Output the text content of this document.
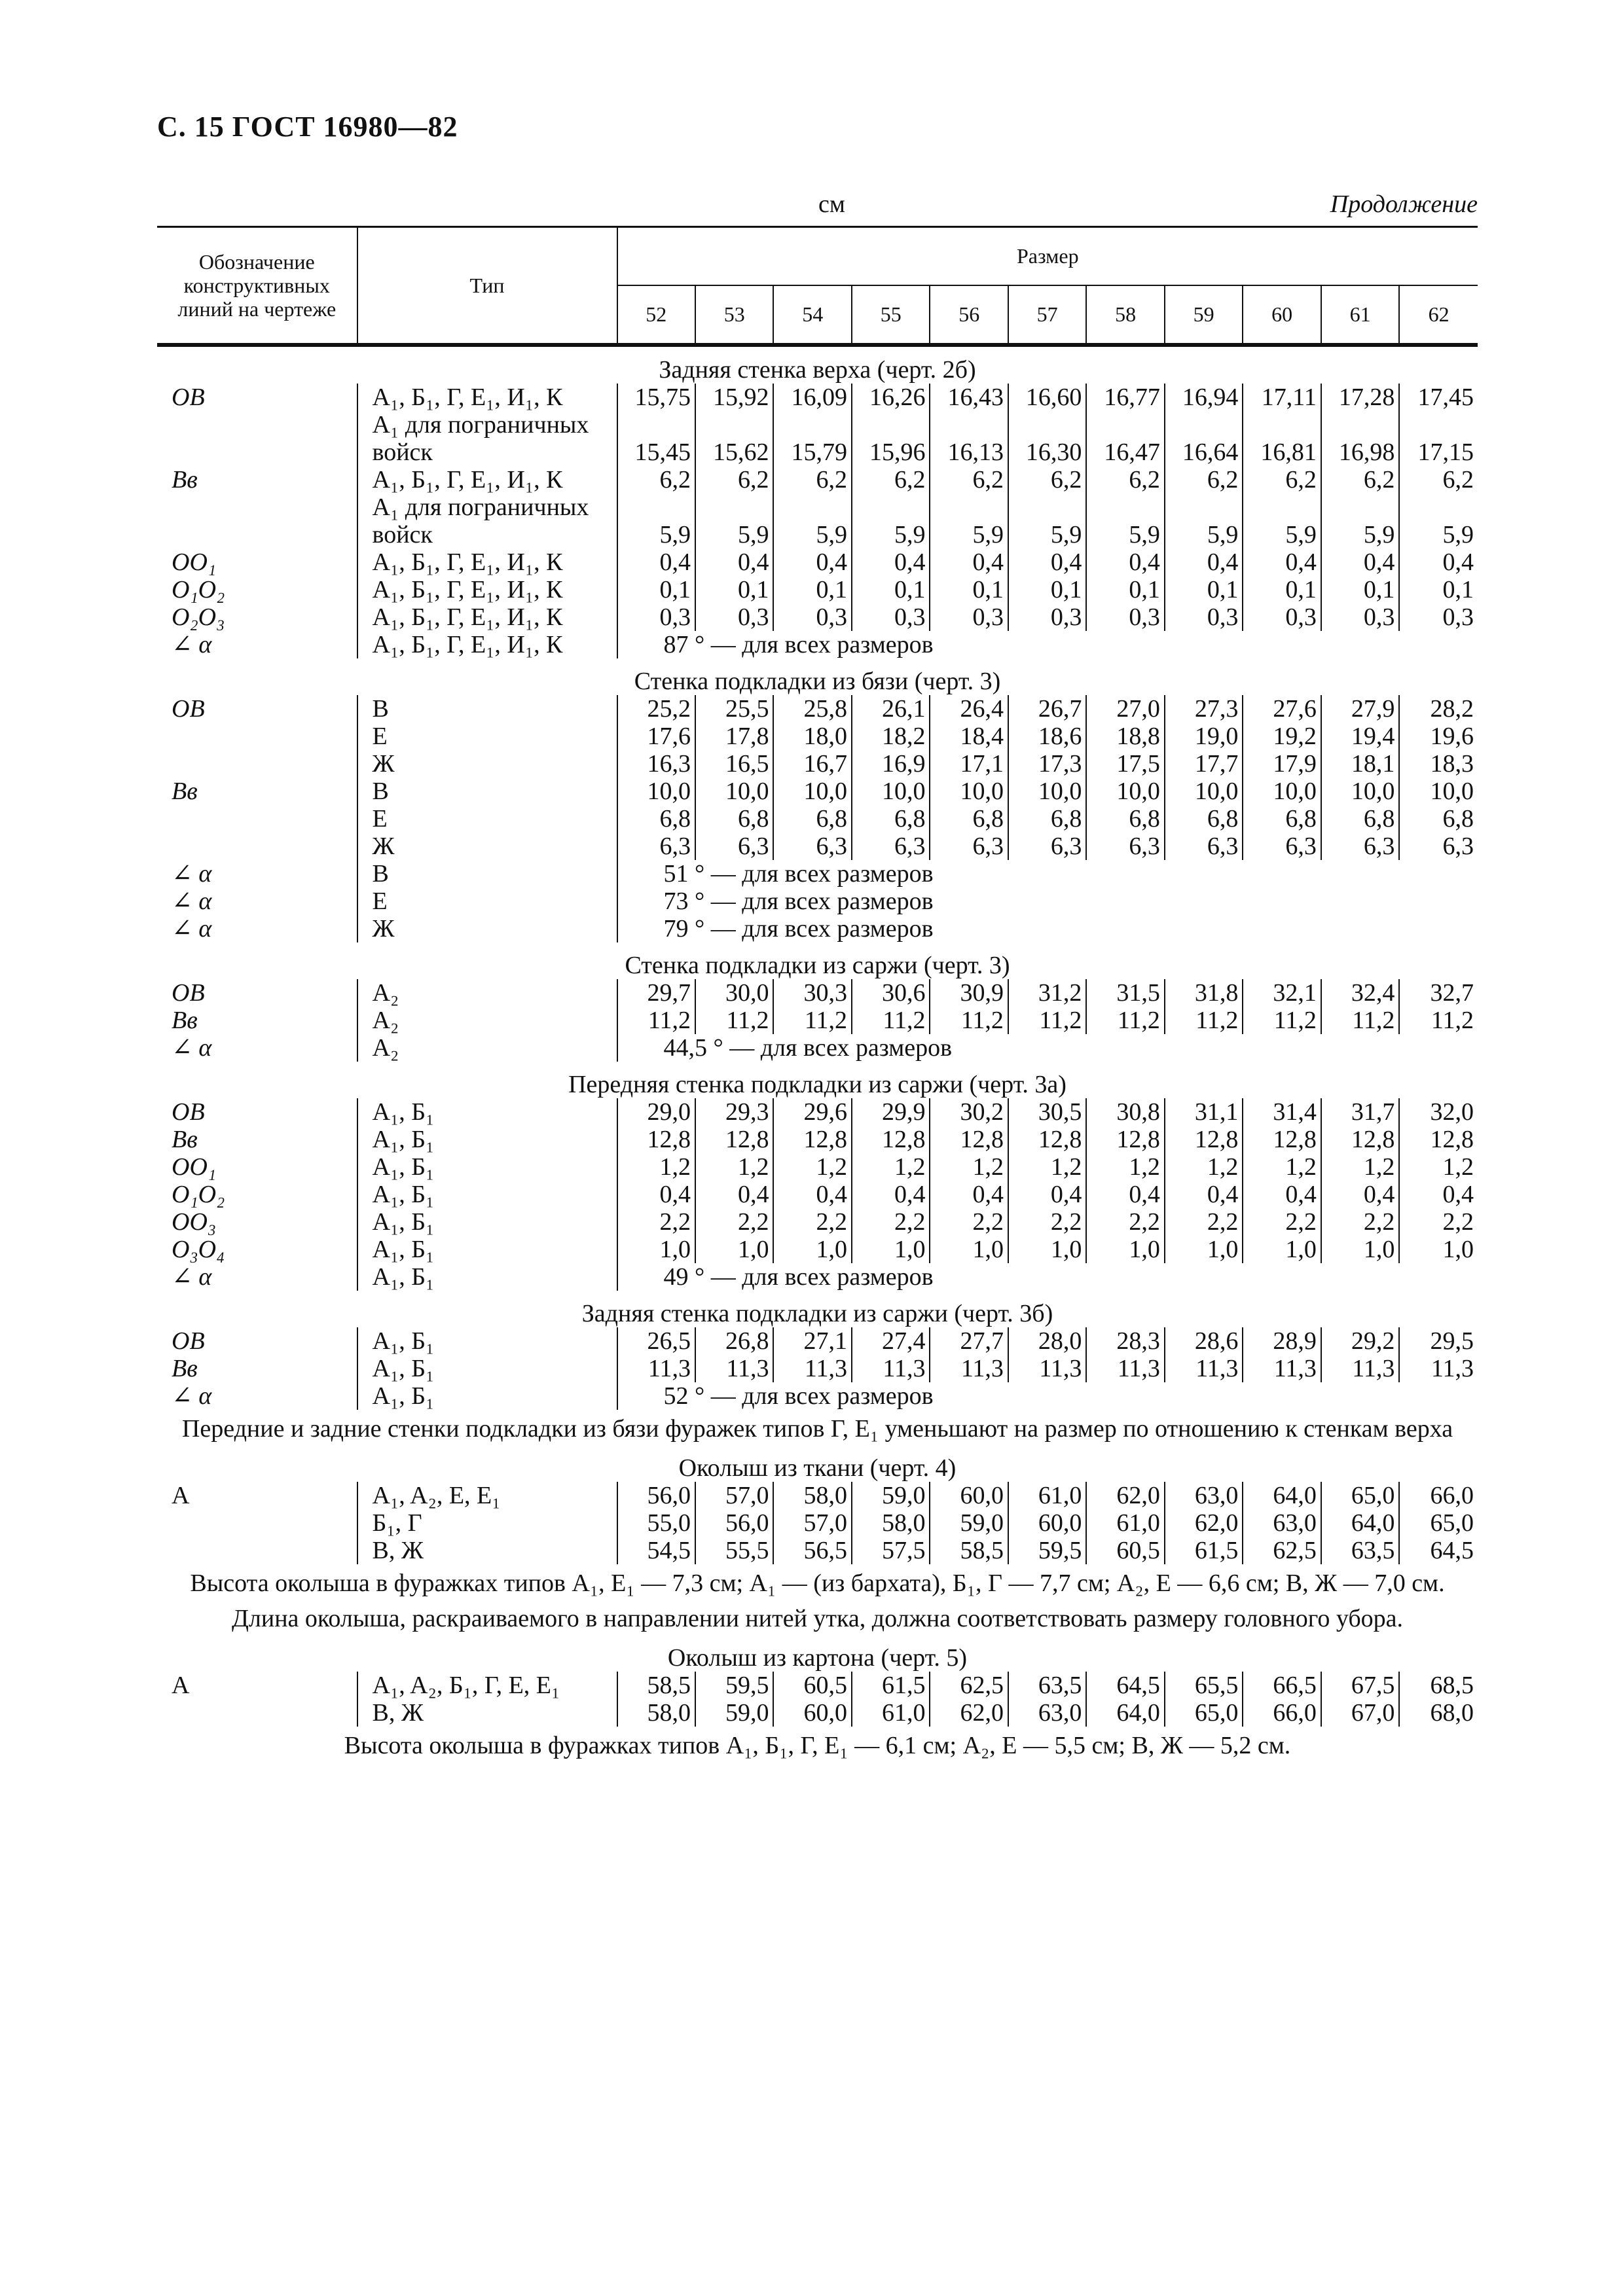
С. 15 ГОСТ 16980—82
см	Продолжение
Обозначение конструктивных линий на чертеже	Тип	Размер										
		52	53	54	55	56	57	58	59	60	61	62
Задняя стенка верха (черт. 2б)												
ОВ	A₁, Б₁, Г, Е₁, И₁, К	15,75	15,92	16,09	16,26	16,43	16,60	16,77	16,94	17,11	17,28	17,45
	A₁ для пограничных											
	войск	15,45	15,62	15,79	15,96	16,13	16,30	16,47	16,64	16,81	16,98	17,15
Вв	A₁, Б₁, Г, Е₁, И₁, К	6,2	6,2	6,2	6,2	6,2	6,2	6,2	6,2	6,2	6,2	6,2
	A₁ для пограничных											
	войск	5,9	5,9	5,9	5,9	5,9	5,9	5,9	5,9	5,9	5,9	5,9
ОО₁	A₁, Б₁, Г, Е₁, И₁, К	0,4	0,4	0,4	0,4	0,4	0,4	0,4	0,4	0,4	0,4	0,4
О₁О₂	A₁, Б₁, Г, Е₁, И₁, К	0,1	0,1	0,1	0,1	0,1	0,1	0,1	0,1	0,1	0,1	0,1
О₂О₃	A₁, Б₁, Г, Е₁, И₁, К	0,3	0,3	0,3	0,3	0,3	0,3	0,3	0,3	0,3	0,3	0,3
∠ α	A₁, Б₁, Г, Е₁, И₁, К	87 ° — для всех размеров										
Стенка подкладки из бязи (черт. 3)												
ОВ	В	25,2	25,5	25,8	26,1	26,4	26,7	27,0	27,3	27,6	27,9	28,2
	Е	17,6	17,8	18,0	18,2	18,4	18,6	18,8	19,0	19,2	19,4	19,6
	Ж	16,3	16,5	16,7	16,9	17,1	17,3	17,5	17,7	17,9	18,1	18,3
Вв	В	10,0	10,0	10,0	10,0	10,0	10,0	10,0	10,0	10,0	10,0	10,0
	Е	6,8	6,8	6,8	6,8	6,8	6,8	6,8	6,8	6,8	6,8	6,8
	Ж	6,3	6,3	6,3	6,3	6,3	6,3	6,3	6,3	6,3	6,3	6,3
∠ α	В	51 ° — для всех размеров										
∠ α	Е	73 ° — для всех размеров										
∠ α	Ж	79 ° — для всех размеров										
Стенка подкладки из саржи (черт. 3)												
ОВ	A₂	29,7	30,0	30,3	30,6	30,9	31,2	31,5	31,8	32,1	32,4	32,7
Вв	A₂	11,2	11,2	11,2	11,2	11,2	11,2	11,2	11,2	11,2	11,2	11,2
∠ α	A₂	44,5 ° — для всех размеров										
Передняя стенка подкладки из саржи (черт. 3а)												
ОВ	A₁, Б₁	29,0	29,3	29,6	29,9	30,2	30,5	30,8	31,1	31,4	31,7	32,0
Вв	A₁, Б₁	12,8	12,8	12,8	12,8	12,8	12,8	12,8	12,8	12,8	12,8	12,8
ОО₁	A₁, Б₁	1,2	1,2	1,2	1,2	1,2	1,2	1,2	1,2	1,2	1,2	1,2
О₁О₂	A₁, Б₁	0,4	0,4	0,4	0,4	0,4	0,4	0,4	0,4	0,4	0,4	0,4
ОО₃	A₁, Б₁	2,2	2,2	2,2	2,2	2,2	2,2	2,2	2,2	2,2	2,2	2,2
О₃О₄	A₁, Б₁	1,0	1,0	1,0	1,0	1,0	1,0	1,0	1,0	1,0	1,0	1,0
∠ α	A₁, Б₁	49 ° — для всех размеров										
Задняя стенка подкладки из саржи (черт. 3б)												
ОВ	A₁, Б₁	26,5	26,8	27,1	27,4	27,7	28,0	28,3	28,6	28,9	29,2	29,5
Вв	A₁, Б₁	11,3	11,3	11,3	11,3	11,3	11,3	11,3	11,3	11,3	11,3	11,3
∠ α	A₁, Б₁	52 ° — для всех размеров										
Передние и задние стенки подкладки из бязи фуражек типов Г, Е₁ уменьшают на размер по отношению к стенкам верха												
Околыш из ткани (черт. 4)												
А	A₁, A₂, Е, Е₁	56,0	57,0	58,0	59,0	60,0	61,0	62,0	63,0	64,0	65,0	66,0
	Б₁, Г	55,0	56,0	57,0	58,0	59,0	60,0	61,0	62,0	63,0	64,0	65,0
	В, Ж	54,5	55,5	56,5	57,5	58,5	59,5	60,5	61,5	62,5	63,5	64,5
Высота околыша в фуражках типов A₁, Е₁ — 7,3 см; A₁ — (из бархата), Б₁, Г — 7,7 см; A₂, Е — 6,6 см; В, Ж — 7,0 см.												
Длина околыша, раскраиваемого в направлении нитей утка, должна соответствовать размеру головного убора.												
Околыш из картона (черт. 5)												
А	A₁, A₂, Б₁, Г, Е, Е₁	58,5	59,5	60,5	61,5	62,5	63,5	64,5	65,5	66,5	67,5	68,5
	В, Ж	58,0	59,0	60,0	61,0	62,0	63,0	64,0	65,0	66,0	67,0	68,0
Высота околыша в фуражках типов A₁, Б₁, Г, Е₁ — 6,1 см; A₂, Е — 5,5 см; В, Ж — 5,2 см.												
